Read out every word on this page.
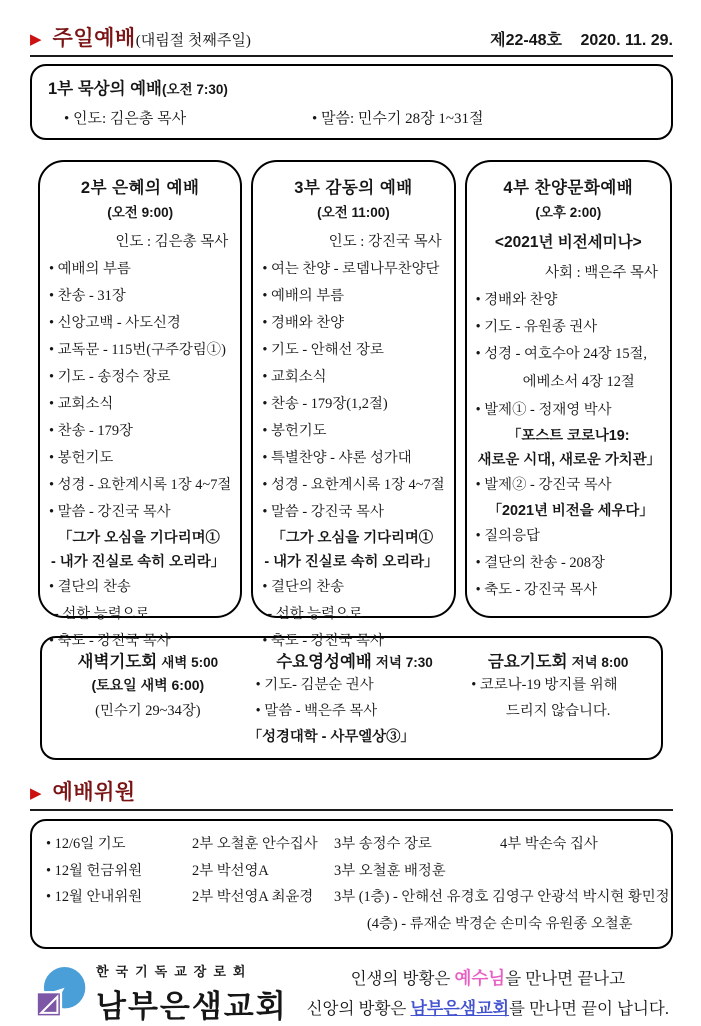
▶ 주일예배 (대림절 첫째주일)	제22-48호 2020. 11. 29.
1부 묵상의 예배(오전 7:30)
• 인도: 김은총 목사	• 말씀: 민수기 28장 1~31절
2부 은혜의 예배
(오전 9:00)
인도 : 김은총 목사
• 예배의 부름
• 찬송 - 31장
• 신앙고백 - 사도신경
• 교독문 - 115번(구주강림①)
• 기도 - 송정수 장로
• 교회소식
• 찬송 - 179장
• 봉헌기도
• 성경 - 요한계시록 1장 4~7절
• 말씀 - 강진국 목사
「그가 오심을 기다리며①
- 내가 진실로 속히 오리라」
• 결단의 찬송
- 선한 능력으로
• 축도 - 강진국 목사
3부 감동의 예배
(오전 11:00)
인도 : 강진국 목사
• 여는 찬양 - 로뎀나무찬양단
• 예배의 부름
• 경배와 찬양
• 기도 - 안해선 장로
• 교회소식
• 찬송 - 179장(1,2절)
• 봉헌기도
• 특별찬양 - 샤론 성가대
• 성경 - 요한계시록 1장 4~7절
• 말씀 - 강진국 목사
「그가 오심을 기다리며①
- 내가 진실로 속히 오리라」
• 결단의 찬송
- 선한 능력으로
• 축도 - 강진국 목사
4부 찬양문화예배
(오후 2:00)
<2021년 비전세미나>
사회 : 백은주 목사
• 경배와 찬양
• 기도 - 유원종 권사
• 성경 - 여호수아 24장 15절,
에베소서 4장 12절
• 발제① - 정재영 박사
「포스트 코로나19:
새로운 시대, 새로운 가치관」
• 발제② - 강진국 목사
「2021년 비전을 세우다」
• 질의응답
• 결단의 찬송 - 208장
• 축도 - 강진국 목사
새벽기도회 새벽 5:00
(토요일 새벽 6:00)
(민수기 29~34장)
수요영성예배 저녁 7:30
• 기도- 김분순 권사
• 말씀 - 백은주 목사
「성경대학 - 사무엘상③」
금요기도회 저녁 8:00
• 코로나-19 방지를 위해
드리지 않습니다.
▶ 예배위원
• 12/6일 기도	2부 오철훈 안수집사	3부 송정수 장로	4부 박손숙 집사
• 12월 헌금위원	2부 박선영A	3부 오철훈 배정훈
• 12월 안내위원	2부 박선영A 최윤경	3부 (1층) - 안해선 유경호 김영구 안광석 박시현 황민정
(4층) - 류재순 박경순 손미숙 유원종 오철훈
한국기독교장로회
남부은샘교회
인생의 방황은 예수님을 만나면 끝나고
신앙의 방황은 남부은샘교회를 만나면 끝이 납니다.
